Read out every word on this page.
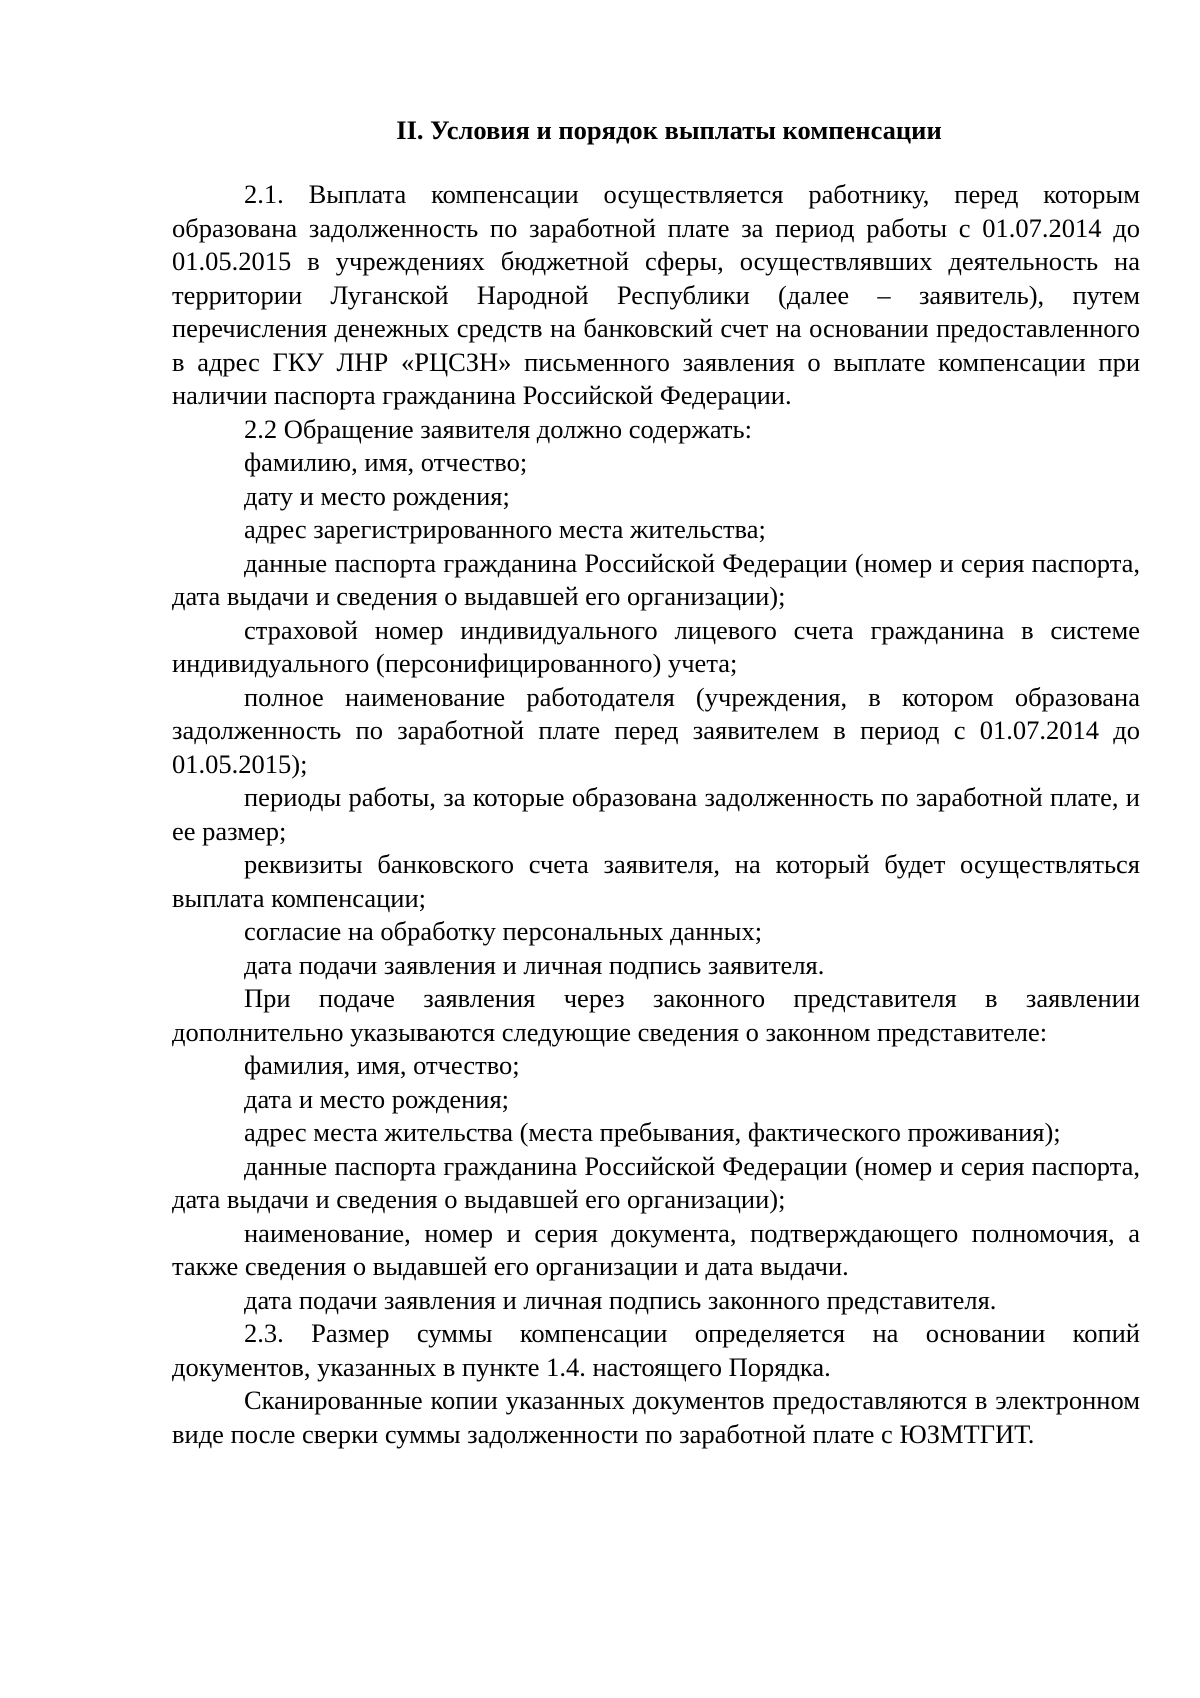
II. Условия и порядок выплаты компенсации

2.1. Выплата компенсации осуществляется работнику, перед которым образована задолженность по заработной плате за период работы с 01.07.2014 до 01.05.2015 в учреждениях бюджетной сферы, осуществлявших деятельность на территории Луганской Народной Республики (далее – заявитель), путем перечисления денежных средств на банковский счет на основании предоставленного в адрес ГКУ ЛНР «РЦСЗН» письменного заявления о выплате компенсации при наличии паспорта гражданина Российской Федерации.

2.2 Обращение заявителя должно содержать:

фамилию, имя, отчество;

дату и место рождения;

адрес зарегистрированного места жительства;

данные паспорта гражданина Российской Федерации (номер и серия паспорта, дата выдачи и сведения о выдавшей его организации);

страховой номер индивидуального лицевого счета гражданина в системе индивидуального (персонифицированного) учета;

полное наименование работодателя (учреждения, в котором образована задолженность по заработной плате перед заявителем в период с 01.07.2014 до 01.05.2015);

периоды работы, за которые образована задолженность по заработной плате, и ее размер;

реквизиты банковского счета заявителя, на который будет осуществляться выплата компенсации;

согласие на обработку персональных данных;

дата подачи заявления и личная подпись заявителя.

При подаче заявления через законного представителя в заявлении дополнительно указываются следующие сведения о законном представителе:

фамилия, имя, отчество;

дата и место рождения;

адрес места жительства (места пребывания, фактического проживания);

данные паспорта гражданина Российской Федерации (номер и серия паспорта, дата выдачи и сведения о выдавшей его организации);

наименование, номер и серия документа, подтверждающего полномочия, а также сведения о выдавшей его организации и дата выдачи.

дата подачи заявления и личная подпись законного представителя.

2.3. Размер суммы компенсации определяется на основании копий документов, указанных в пункте 1.4. настоящего Порядка.

Сканированные копии указанных документов предоставляются в электронном виде после сверки суммы задолженности по заработной плате с ЮЗМТГИТ.
